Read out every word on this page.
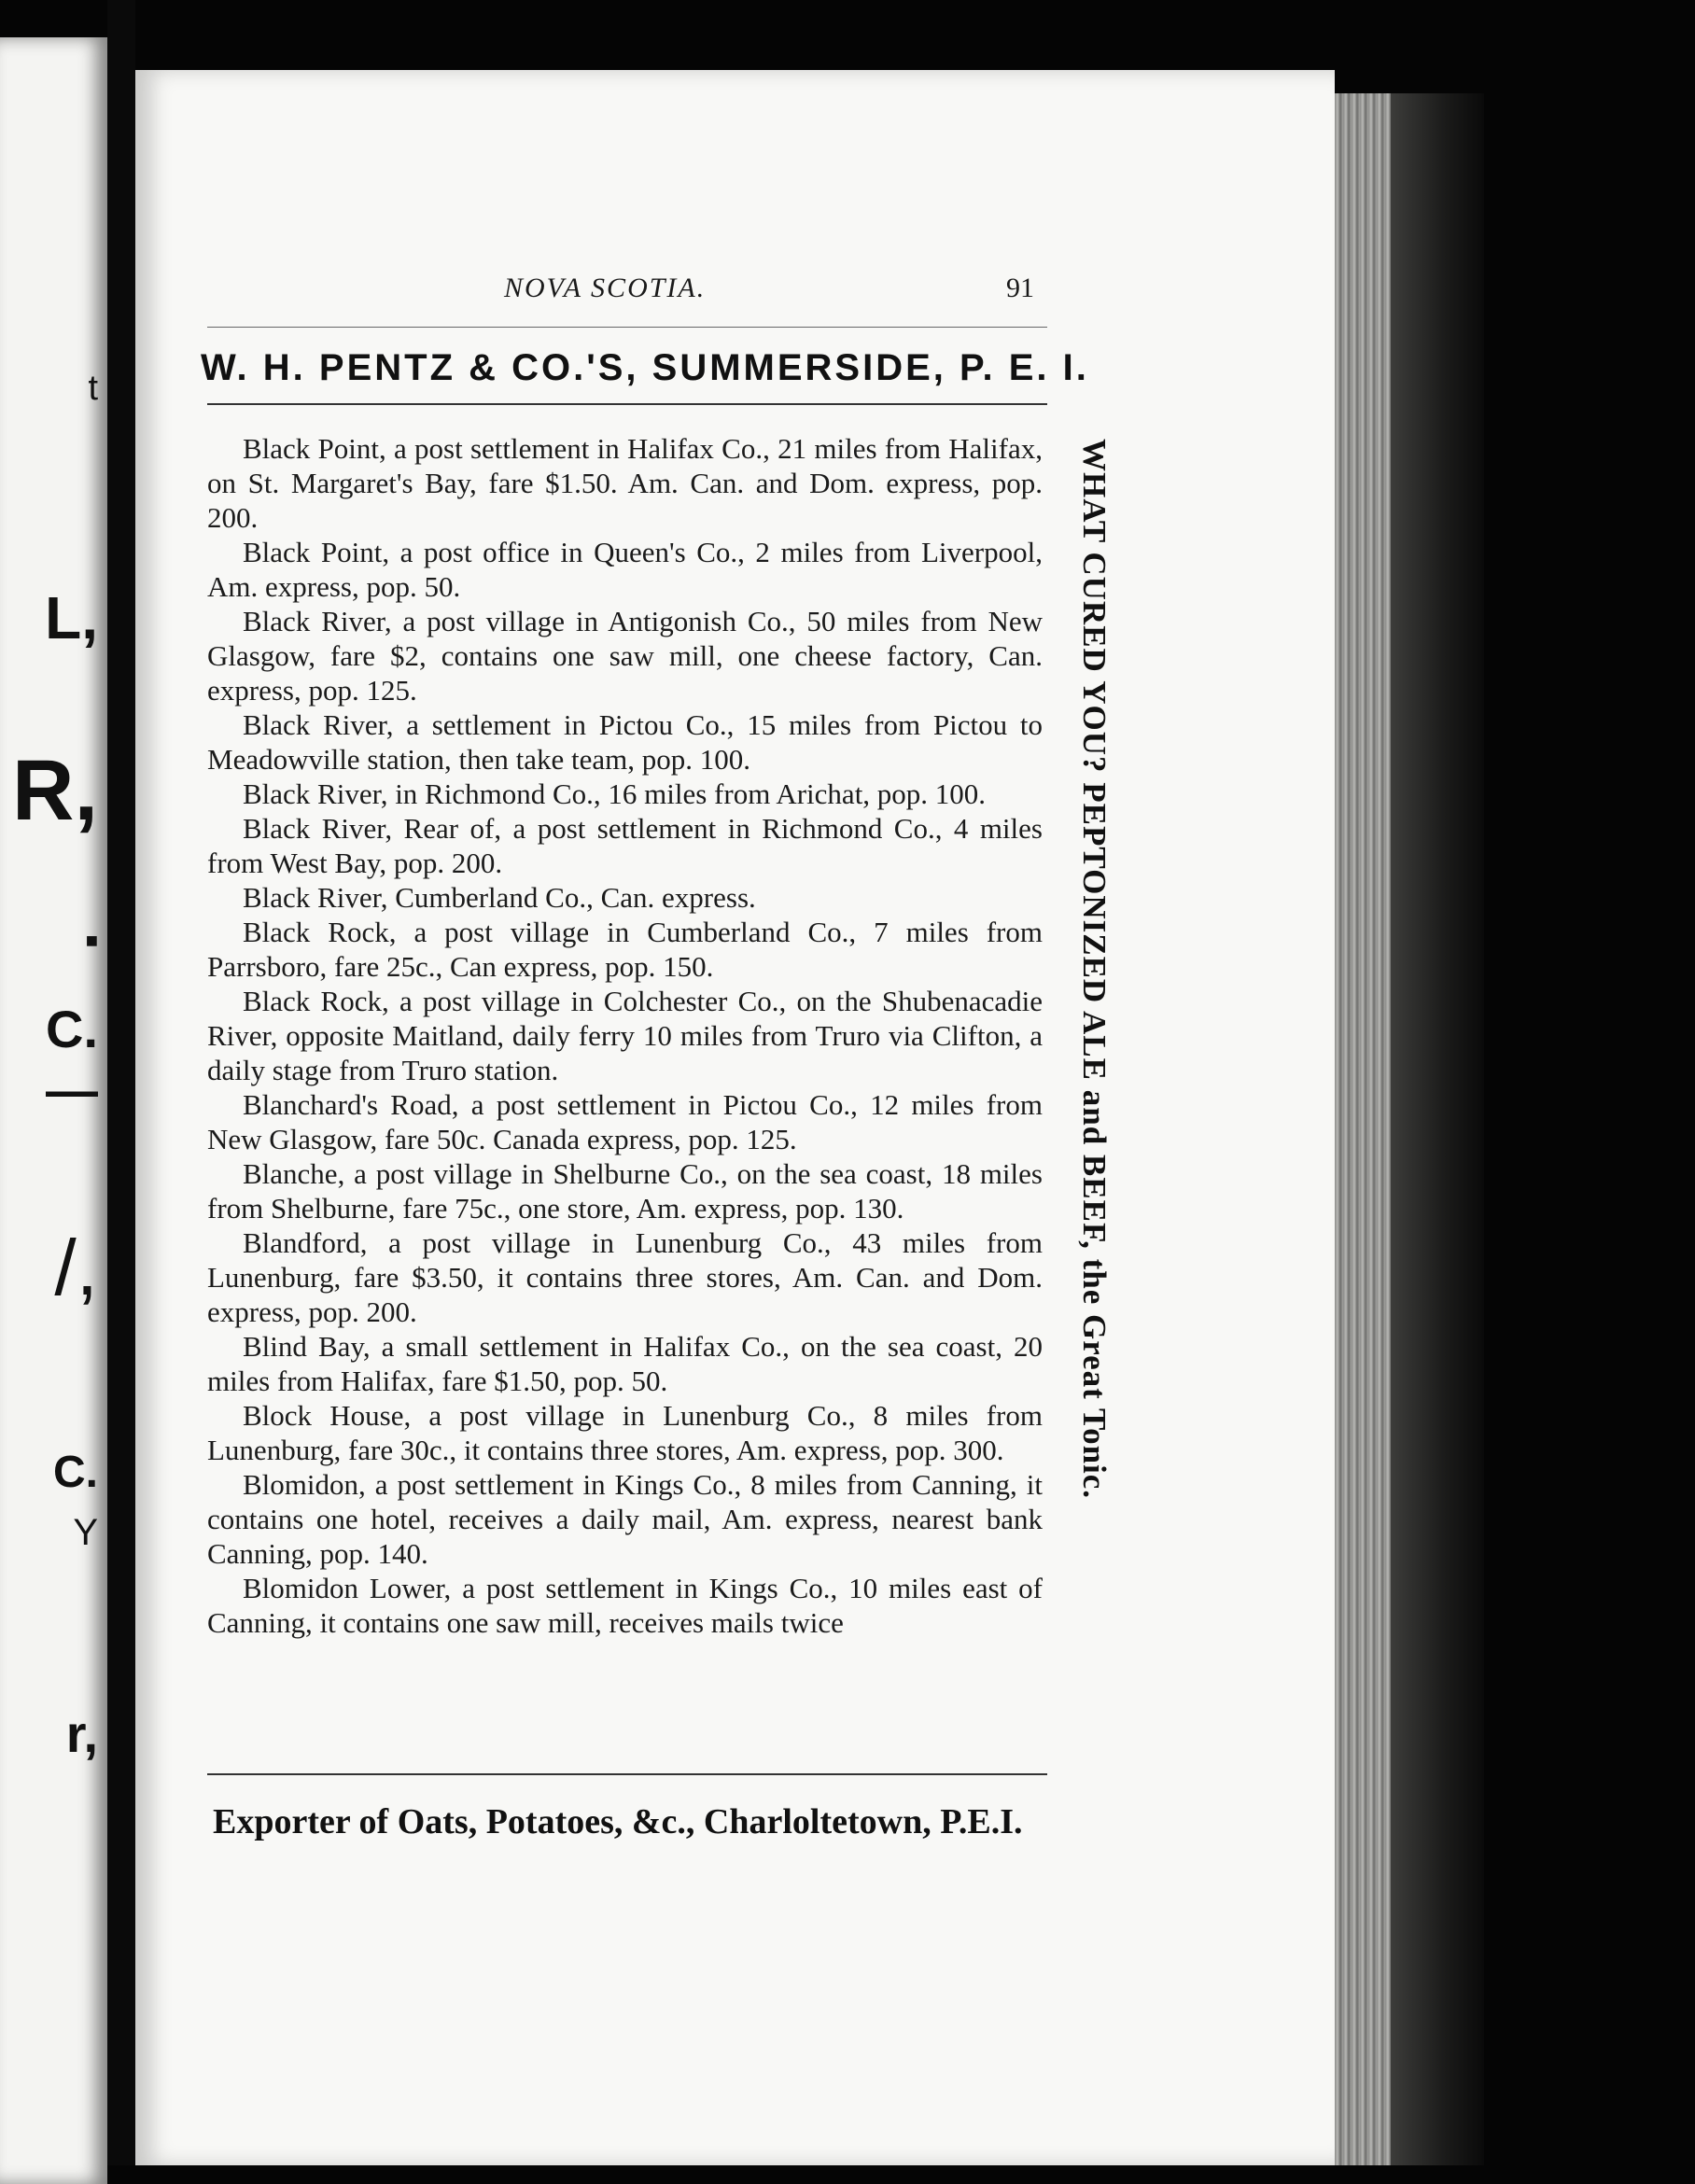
t
L,
R,
■
C.
—
/,
C.
Y
r,
NOVA SCOTIA.	91
W. H. PENTZ & CO.'S, SUMMERSIDE, P. E. I.

Black Point, a post settlement in Halifax Co., 21 miles from Halifax, on St. Margaret's Bay, fare $1.50. Am. Can. and Dom. express, pop. 200.

Black Point, a post office in Queen's Co., 2 miles from Liverpool, Am. express, pop. 50.

Black River, a post village in Antigonish Co., 50 miles from New Glasgow, fare $2, contains one saw mill, one cheese factory, Can. express, pop. 125.

Black River, a settlement in Pictou Co., 15 miles from Pictou to Meadowville station, then take team, pop. 100.

Black River, in Richmond Co., 16 miles from Arichat, pop. 100.

Black River, Rear of, a post settlement in Richmond Co., 4 miles from West Bay, pop. 200.

Black River, Cumberland Co., Can. express.

Black Rock, a post village in Cumberland Co., 7 miles from Parrsboro, fare 25c., Can express, pop. 150.

Black Rock, a post village in Colchester Co., on the Shubenacadie River, opposite Maitland, daily ferry 10 miles from Truro via Clifton, a daily stage from Truro station.

Blanchard's Road, a post settlement in Pictou Co., 12 miles from New Glasgow, fare 50c. Canada express, pop. 125.

Blanche, a post village in Shelburne Co., on the sea coast, 18 miles from Shelburne, fare 75c., one store, Am. express, pop. 130.

Blandford, a post village in Lunenburg Co., 43 miles from Lunenburg, fare $3.50, it contains three stores, Am. Can. and Dom. express, pop. 200.

Blind Bay, a small settlement in Halifax Co., on the sea coast, 20 miles from Halifax, fare $1.50, pop. 50.

Block House, a post village in Lunenburg Co., 8 miles from Lunenburg, fare 30c., it contains three stores, Am. express, pop. 300.

Blomidon, a post settlement in Kings Co., 8 miles from Canning, it contains one hotel, receives a daily mail, Am. express, nearest bank Canning, pop. 140.

Blomidon Lower, a post settlement in Kings Co., 10 miles east of Canning, it contains one saw mill, receives mails twice

WHAT CURED YOU? PEPTONIZED ALE and BEEF, the Great Tonic.
Exporter of Oats, Potatoes, &c., Charloltetown, P.E.I.
